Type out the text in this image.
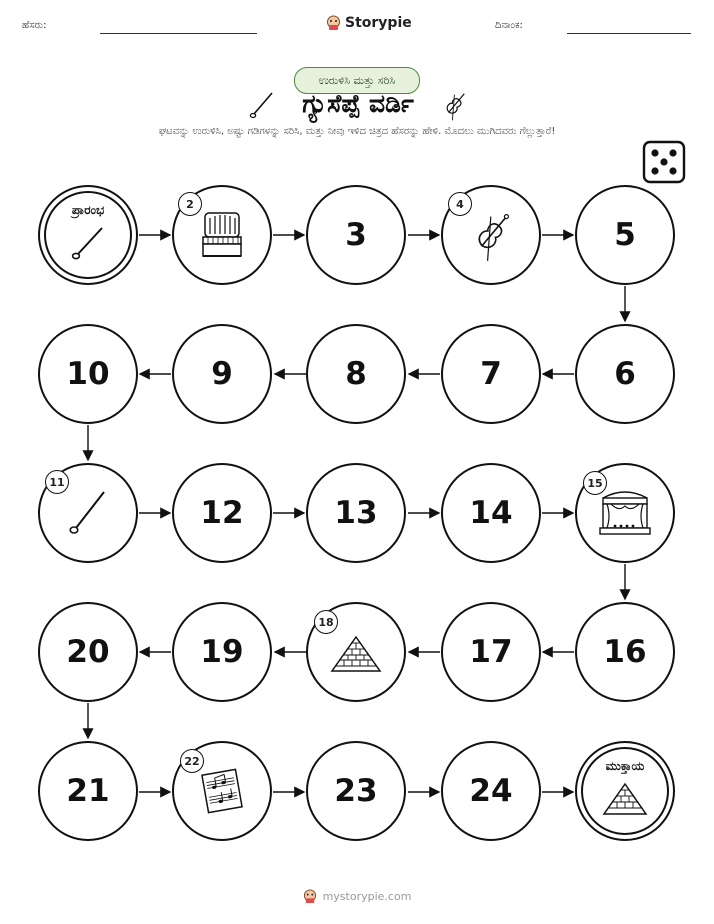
ಹೆಸರು:	Storypie	ದಿನಾಂಕ:
ಉರುಳಿಸಿ ಮತ್ತು ಸರಿಸಿ
ಗ್ಯುಸೆಪ್ಪೆ ವರ್ಡಿ
ಘಟವನ್ನು ಉರುಳಿಸಿ, ಅಷ್ಟು ಗಡಿಗಳನ್ನು ಸರಿಸಿ, ಮತ್ತು ನೀವು ಇಳಿದ ಚಿತ್ರದ ಹೆಸರನ್ನು ಹೇಳಿ. ಮೊದಲು ಮುಗಿದವರು ಗೆಲ್ಲುತ್ತಾರೆ!
ಪ್ರಾರಂಭ	2
3
4
5
6
7
8
9
10
11
12	13	14
15
16
17
18
19
20
21
22
23	24
ಮುಕ್ತಾಯ
mystorypie.com
